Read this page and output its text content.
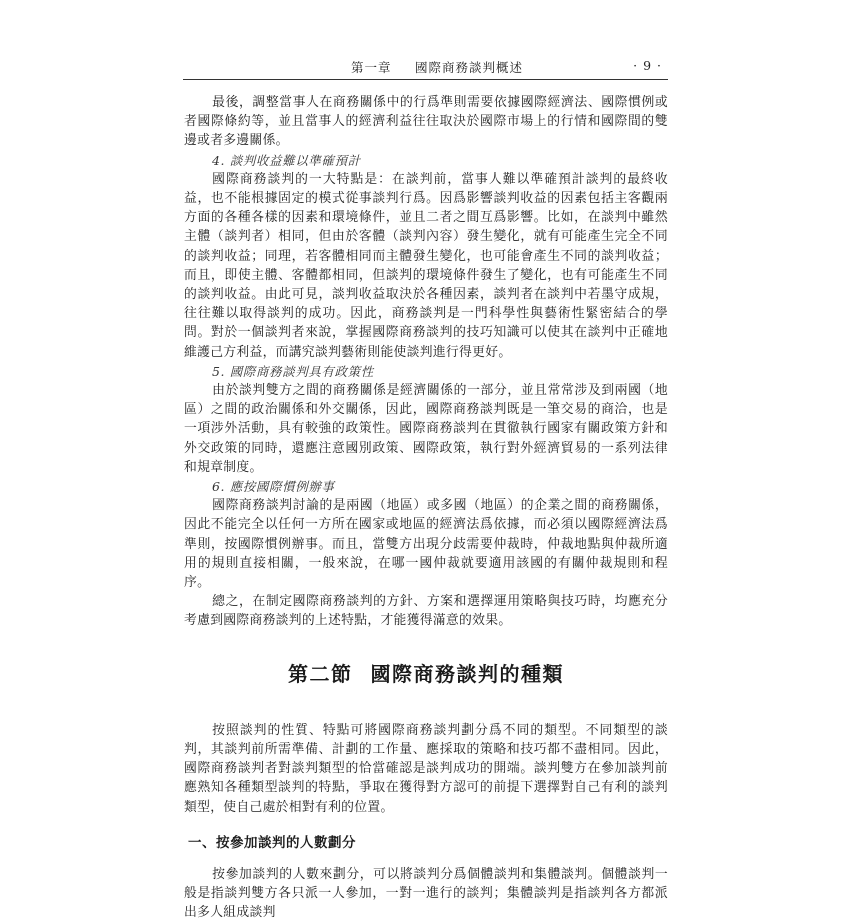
第一章 國際商務談判概述	· 9 ·

最後，調整當事人在商務關係中的行爲準則需要依據國際經濟法、國際慣例或者國際條約等，並且當事人的經濟利益往往取決於國際市場上的行情和國際間的雙邊或者多邊關係。

4. 談判收益難以準確預計

國際商務談判的一大特點是：在談判前，當事人難以準確預計談判的最終收益，也不能根據固定的模式從事談判行爲。因爲影響談判收益的因素包括主客觀兩方面的各種各樣的因素和環境條件，並且二者之間互爲影響。比如，在談判中雖然主體（談判者）相同，但由於客體（談判內容）發生變化，就有可能產生完全不同的談判收益；同理，若客體相同而主體發生變化，也可能會產生不同的談判收益；而且，即使主體、客體都相同，但談判的環境條件發生了變化，也有可能產生不同的談判收益。由此可見，談判收益取決於各種因素，談判者在談判中若墨守成規，往往難以取得談判的成功。因此，商務談判是一門科學性與藝術性緊密結合的學問。對於一個談判者來說，掌握國際商務談判的技巧知識可以使其在談判中正確地維護己方利益，而講究談判藝術則能使談判進行得更好。

5. 國際商務談判具有政策性

由於談判雙方之間的商務關係是經濟關係的一部分，並且常常涉及到兩國（地區）之間的政治關係和外交關係，因此，國際商務談判既是一筆交易的商洽，也是一項涉外活動，具有較強的政策性。國際商務談判在貫徹執行國家有關政策方針和外交政策的同時，還應注意國別政策、國際政策，執行對外經濟貿易的一系列法律和規章制度。

6. 應按國際慣例辦事

國際商務談判討論的是兩國（地區）或多國（地區）的企業之間的商務關係，因此不能完全以任何一方所在國家或地區的經濟法爲依據，而必須以國際經濟法爲準則，按國際慣例辦事。而且，當雙方出現分歧需要仲裁時，仲裁地點與仲裁所適用的規則直接相關，一般來說，在哪一國仲裁就要適用該國的有關仲裁規則和程序。

總之，在制定國際商務談判的方針、方案和選擇運用策略與技巧時，均應充分考慮到國際商務談判的上述特點，才能獲得滿意的效果。

第二節 國際商務談判的種類

按照談判的性質、特點可將國際商務談判劃分爲不同的類型。不同類型的談判，其談判前所需準備、計劃的工作量、應採取的策略和技巧都不盡相同。因此，國際商務談判者對談判類型的恰當確認是談判成功的開端。談判雙方在參加談判前應熟知各種類型談判的特點，爭取在獲得對方認可的前提下選擇對自己有利的談判類型，使自己處於相對有利的位置。

一、按參加談判的人數劃分

按參加談判的人數來劃分，可以將談判分爲個體談判和集體談判。個體談判一般是指談判雙方各只派一人參加，一對一進行的談判；集體談判是指談判各方都派出多人組成談判
